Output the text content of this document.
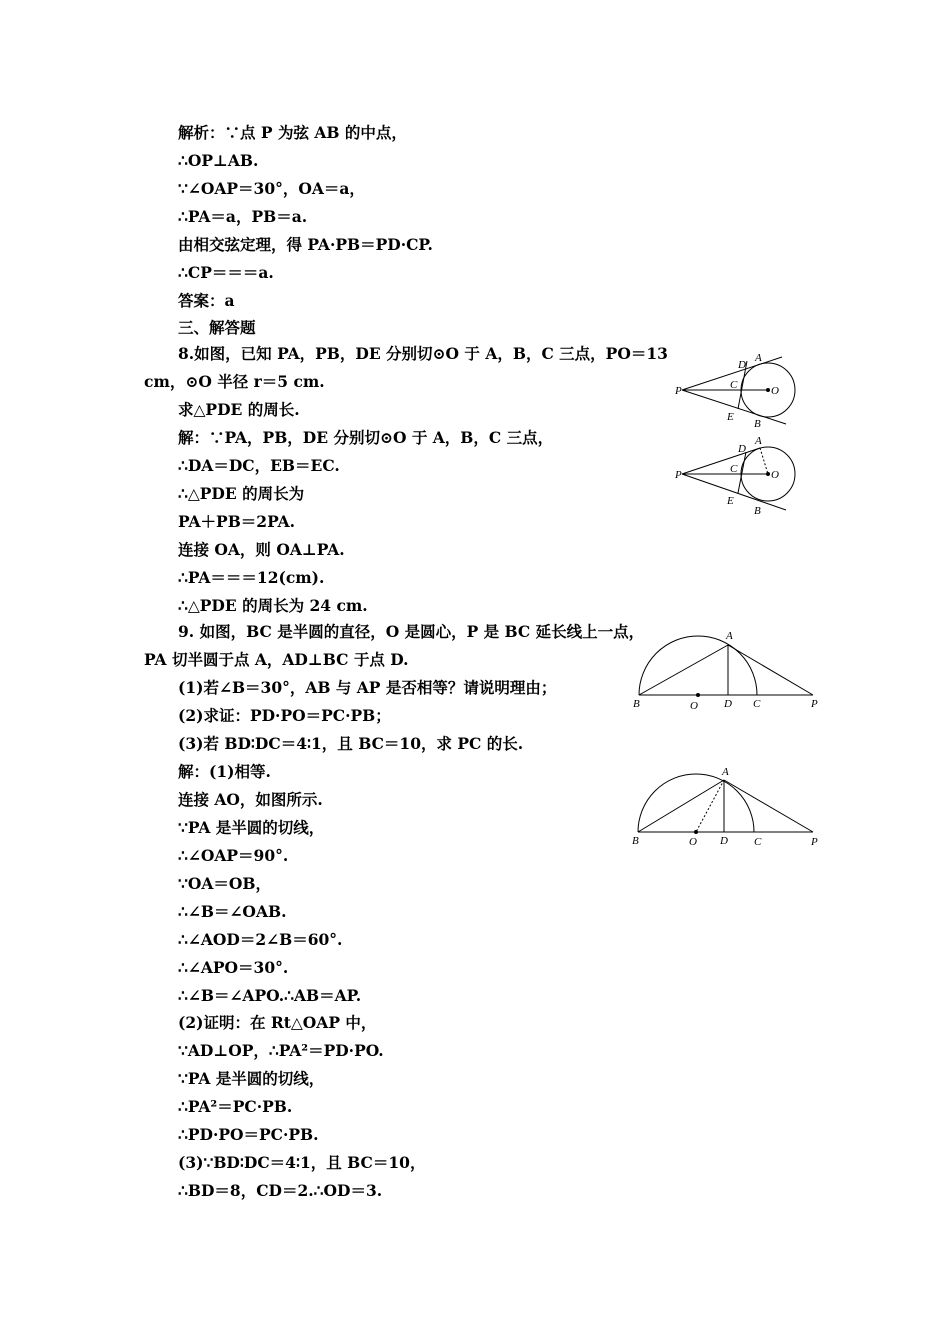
解析：∵点 P 为弦 AB 的中点，
∴OP⊥AB.
∵∠OAP＝30°，OA＝a，
∴PA＝a，PB＝a.
由相交弦定理，得 PA·PB＝PD·CP.
∴CP＝＝＝a.
答案：a
三、解答题
8.如图，已知 PA，PB，DE 分别切⊙O 于 A，B，C 三点，PO＝13
cm，⊙O 半径 r＝5 cm.
求△PDE 的周长.
解：∵PA，PB，DE 分别切⊙O 于 A，B，C 三点，
∴DA＝DC，EB＝EC.
∴△PDE 的周长为
PA＋PB＝2PA.
连接 OA，则 OA⊥PA.
∴PA＝＝＝12(cm).
∴△PDE 的周长为 24 cm.
9. 如图，BC 是半圆的直径，O 是圆心，P 是 BC 延长线上一点，
PA 切半圆于点 A，AD⊥BC 于点 D.
(1)若∠B＝30°，AB 与 AP 是否相等？请说明理由；
(2)求证：PD·PO＝PC·PB；
(3)若 BD∶DC＝4∶1，且 BC＝10，求 PC 的长.
解：(1)相等.
连接 AO，如图所示.
∵PA 是半圆的切线，
∴∠OAP＝90°.
∵OA＝OB，
∴∠B＝∠OAB.
∴∠AOD＝2∠B＝60°.
∴∠APO＝30°.
∴∠B＝∠APO.∴AB＝AP.
(2)证明：在 Rt△OAP 中，
∵AD⊥OP，∴PA²＝PD·PO.
∵PA 是半圆的切线，
∴PA²＝PC·PB.
∴PD·PO＝PC·PB.
(3)∵BD∶DC＝4∶1，且 BC＝10，
∴BD＝8，CD＝2.∴OD＝3.
P
D
A
C	O
E
B
P
D
A
C	O
E
B
A
B	O D C	P
A
B	O D C	P
